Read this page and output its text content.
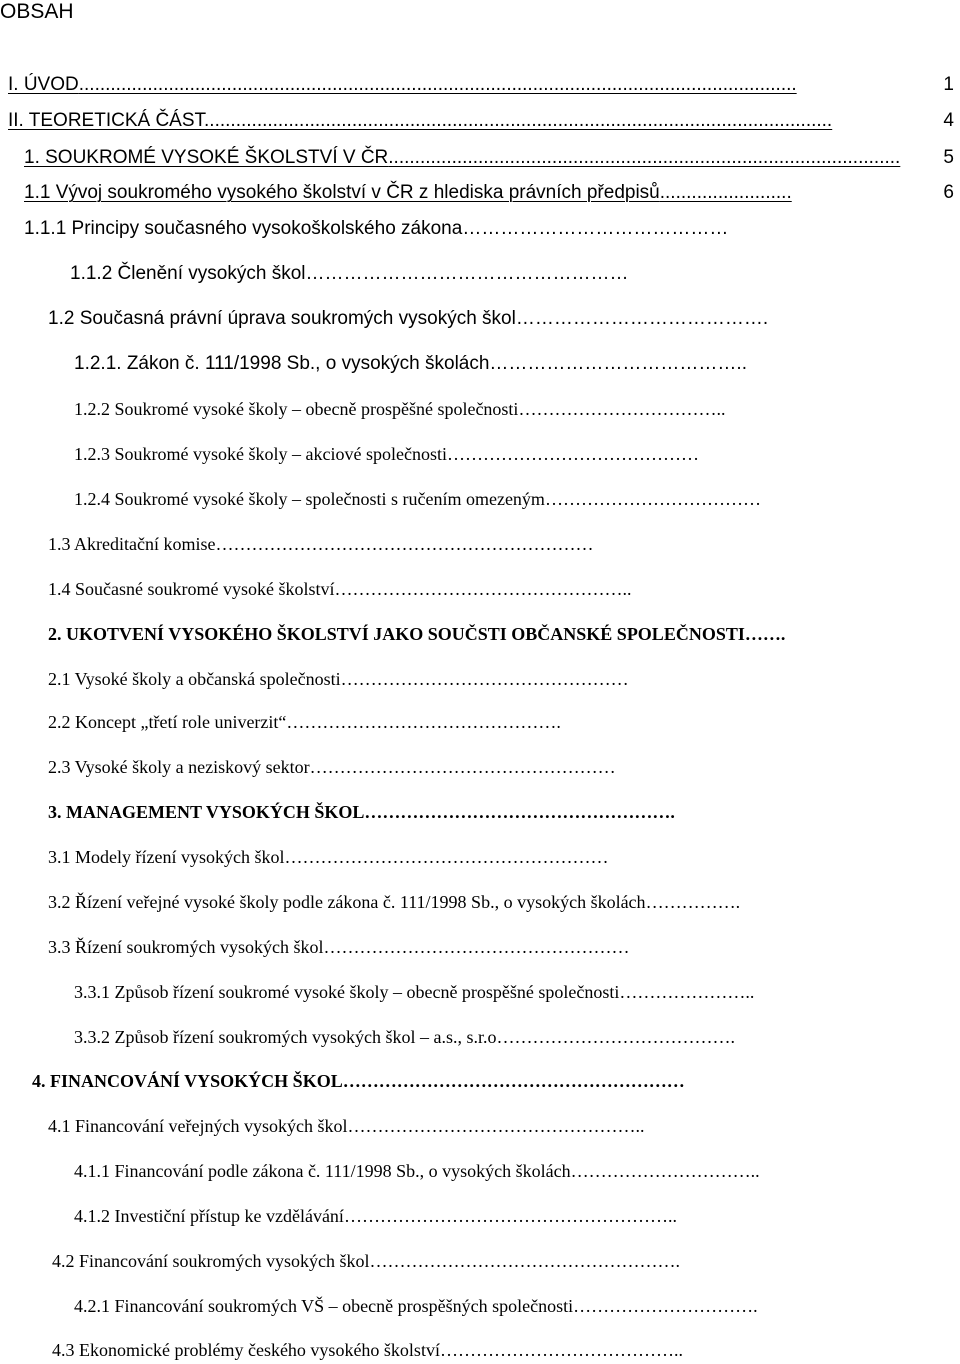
OBSAH
I. ÚVOD........................................................................................................................................	1
II. TEORETICKÁ ČÁST.......................................................................................................................	4
1. SOUKROMÉ VYSOKÉ ŠKOLSTVÍ V ČR................................................................................................. 5
1.1 Vývoj soukromého vysokého školství v ČR z hlediska právních předpisů.........................	6
1.1.1 Principy současného vysokoškolského zákona……………………………………
1.1.2 Členění vysokých škol……………………………………………
1.2 Současná právní úprava soukromých vysokých škol………………………………….
1.2.1. Zákon č. 111/1998 Sb., o vysokých školách…………………………………..
1.2.2 Soukromé vysoké školy – obecně prospěšné společnosti……………………………..
1.2.3 Soukromé vysoké školy – akciové společnosti……………………………………
1.2.4 Soukromé vysoké školy – společnosti s ručením omezeným………………………………
1.3 Akreditační komise………………………………………………………
1.4 Současné soukromé vysoké školství…………………………………………..
2. UKOTVENÍ VYSOKÉHO ŠKOLSTVÍ JAKO SOUČSTI OBČANSKÉ SPOLEČNOSTI…….
2.1 Vysoké školy a občanská společnosti…………………………………………
2.2 Koncept „třetí role univerzit“……………………………………….
2.3 Vysoké školy a neziskový sektor……………………………………………
3. MANAGEMENT VYSOKÝCH ŠKOL…………………………………………….
3.1 Modely řízení vysokých škol………………………………………………
3.2 Řízení veřejné vysoké školy podle zákona č. 111/1998 Sb., o vysokých školách…………….
3.3 Řízení soukromých vysokých škol……………………………………………
3.3.1 Způsob řízení soukromé vysoké školy – obecně prospěšné společnosti…………………..
3.3.2 Způsob řízení soukromých vysokých škol – a.s., s.r.o………………………………….
4. FINANCOVÁNÍ VYSOKÝCH ŠKOL…………………………………………………
4.1 Financování veřejných vysokých škol…………………………………………..
4.1.1 Financování podle zákona č. 111/1998 Sb., o vysokých školách…………………………..
4.1.2 Investiční přístup ke vzdělávání………………………………………………..
4.2 Financování soukromých vysokých škol…………………………………………….
4.2.1 Financování soukromých VŠ – obecně prospěšných společnosti………………………….
4.3 Ekonomické problémy českého vysokého školství…………………………………..
